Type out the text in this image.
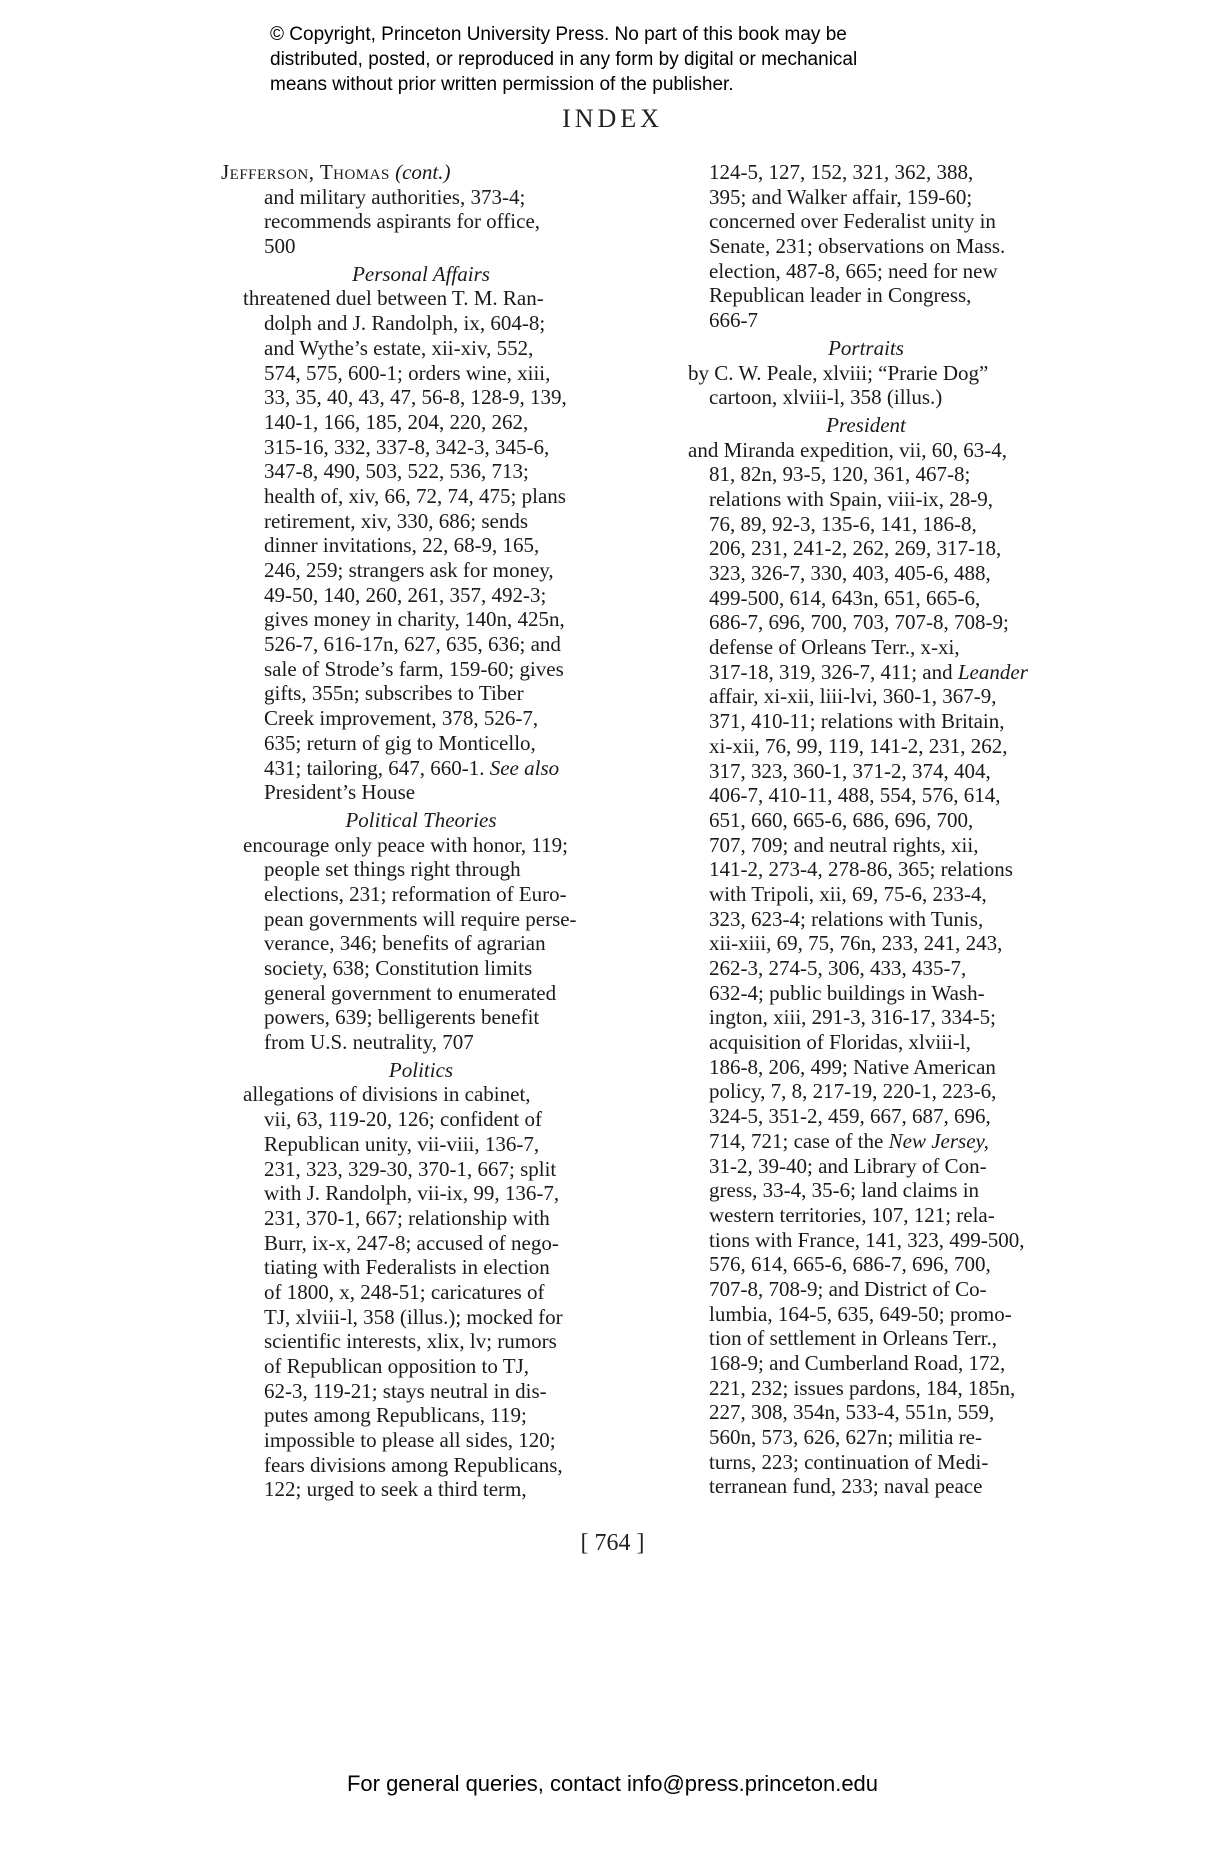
© Copyright, Princeton University Press. No part of this book may be
distributed, posted, or reproduced in any form by digital or mechanical
means without prior written permission of the publisher.
INDEX
Jefferson, Thomas (cont.)
and military authorities, 373-4;
recommends aspirants for office,
500
Personal Affairs
threatened duel between T. M. Ran-
dolph and J. Randolph, ix, 604-8;
and Wythe’s estate, xii-xiv, 552,
574, 575, 600-1; orders wine, xiii,
33, 35, 40, 43, 47, 56-8, 128-9, 139,
140-1, 166, 185, 204, 220, 262,
315-16, 332, 337-8, 342-3, 345-6,
347-8, 490, 503, 522, 536, 713;
health of, xiv, 66, 72, 74, 475; plans
retirement, xiv, 330, 686; sends
dinner invitations, 22, 68-9, 165,
246, 259; strangers ask for money,
49-50, 140, 260, 261, 357, 492-3;
gives money in charity, 140n, 425n,
526-7, 616-17n, 627, 635, 636; and
sale of Strode’s farm, 159-60; gives
gifts, 355n; subscribes to Tiber
Creek improvement, 378, 526-7,
635; return of gig to Monticello,
431; tailoring, 647, 660-1. See also
President’s House
Political Theories
encourage only peace with honor, 119;
people set things right through
elections, 231; reformation of Euro-
pean governments will require perse-
verance, 346; benefits of agrarian
society, 638; Constitution limits
general government to enumerated
powers, 639; belligerents benefit
from U.S. neutrality, 707
Politics
allegations of divisions in cabinet,
vii, 63, 119-20, 126; confident of
Republican unity, vii-viii, 136-7,
231, 323, 329-30, 370-1, 667; split
with J. Randolph, vii-ix, 99, 136-7,
231, 370-1, 667; relationship with
Burr, ix-x, 247-8; accused of nego-
tiating with Federalists in election
of 1800, x, 248-51; caricatures of
TJ, xlviii-l, 358 (illus.); mocked for
scientific interests, xlix, lv; rumors
of Republican opposition to TJ,
62-3, 119-21; stays neutral in dis-
putes among Republicans, 119;
impossible to please all sides, 120;
fears divisions among Republicans,
122; urged to seek a third term,
124-5, 127, 152, 321, 362, 388,
395; and Walker affair, 159-60;
concerned over Federalist unity in
Senate, 231; observations on Mass.
election, 487-8, 665; need for new
Republican leader in Congress,
666-7
Portraits
by C. W. Peale, xlviii; “Prarie Dog”
cartoon, xlviii-l, 358 (illus.)
President
and Miranda expedition, vii, 60, 63-4,
81, 82n, 93-5, 120, 361, 467-8;
relations with Spain, viii-ix, 28-9,
76, 89, 92-3, 135-6, 141, 186-8,
206, 231, 241-2, 262, 269, 317-18,
323, 326-7, 330, 403, 405-6, 488,
499-500, 614, 643n, 651, 665-6,
686-7, 696, 700, 703, 707-8, 708-9;
defense of Orleans Terr., x-xi,
317-18, 319, 326-7, 411; and Leander
affair, xi-xii, liii-lvi, 360-1, 367-9,
371, 410-11; relations with Britain,
xi-xii, 76, 99, 119, 141-2, 231, 262,
317, 323, 360-1, 371-2, 374, 404,
406-7, 410-11, 488, 554, 576, 614,
651, 660, 665-6, 686, 696, 700,
707, 709; and neutral rights, xii,
141-2, 273-4, 278-86, 365; relations
with Tripoli, xii, 69, 75-6, 233-4,
323, 623-4; relations with Tunis,
xii-xiii, 69, 75, 76n, 233, 241, 243,
262-3, 274-5, 306, 433, 435-7,
632-4; public buildings in Wash-
ington, xiii, 291-3, 316-17, 334-5;
acquisition of Floridas, xlviii-l,
186-8, 206, 499; Native American
policy, 7, 8, 217-19, 220-1, 223-6,
324-5, 351-2, 459, 667, 687, 696,
714, 721; case of the New Jersey,
31-2, 39-40; and Library of Con-
gress, 33-4, 35-6; land claims in
western territories, 107, 121; rela-
tions with France, 141, 323, 499-500,
576, 614, 665-6, 686-7, 696, 700,
707-8, 708-9; and District of Co-
lumbia, 164-5, 635, 649-50; promo-
tion of settlement in Orleans Terr.,
168-9; and Cumberland Road, 172,
221, 232; issues pardons, 184, 185n,
227, 308, 354n, 533-4, 551n, 559,
560n, 573, 626, 627n; militia re-
turns, 223; continuation of Medi-
terranean fund, 233; naval peace
[ 764 ]
For general queries, contact info@press.princeton.edu
